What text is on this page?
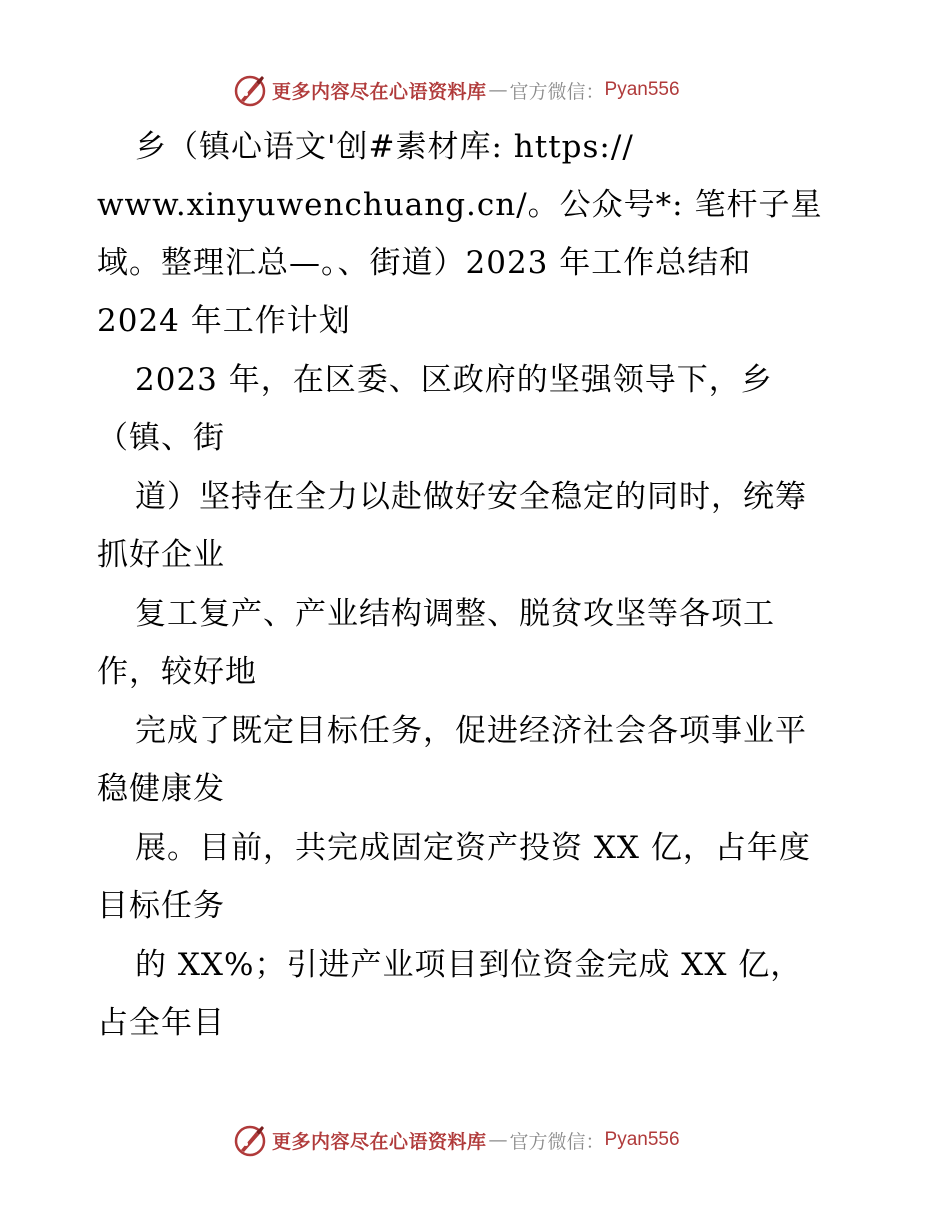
更多内容尽在心语资料库 — 官方微信： Pyan556
乡（镇心语文'创#素材库: https://
www.xinyuwenchuang.cn/。公众号*: 笔杆子星
域。整理汇总—。、街道）2023 年工作总结和
2024 年工作计划
2023 年，在区委、区政府的坚强领导下，乡
（镇、街
道）坚持在全力以赴做好安全稳定的同时，统筹
抓好企业
复工复产、产业结构调整、脱贫攻坚等各项工
作，较好地
完成了既定目标任务，促进经济社会各项事业平
稳健康发
展。目前，共完成固定资产投资 XX 亿，占年度
目标任务
的 XX%；引进产业项目到位资金完成 XX 亿，
占全年目
更多内容尽在心语资料库 — 官方微信： Pyan556
